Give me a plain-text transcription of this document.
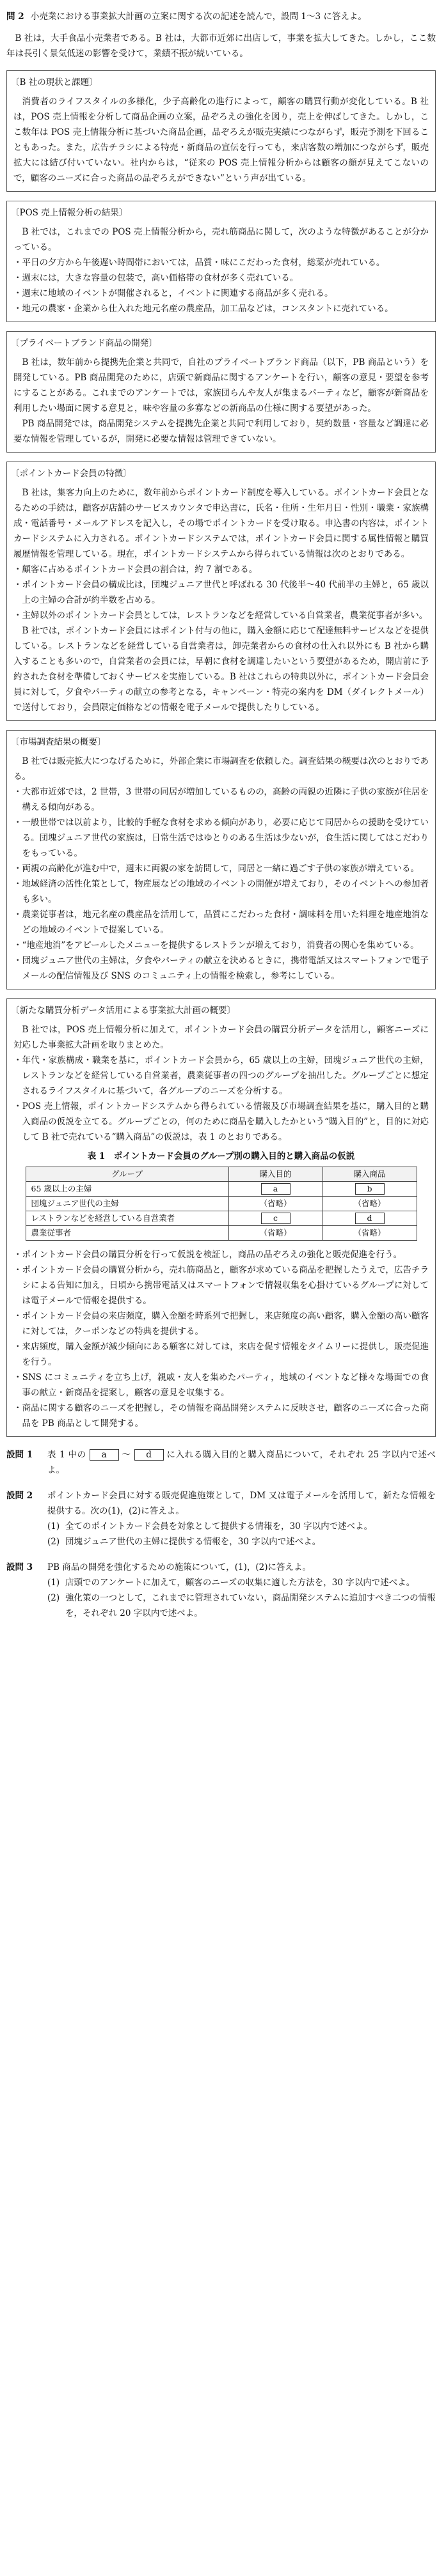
問 2 小売業における事業拡大計画の立案に関する次の記述を読んで，設問 1〜3 に答えよ。

B 社は，大手食品小売業者である。B 社は，大都市近郊に出店して，事業を拡大してきた。しかし，ここ数年は長引く景気低迷の影響を受けて，業績不振が続いている。

〔B 社の現状と課題〕

消費者のライフスタイルの多様化，少子高齢化の進行によって，顧客の購買行動が変化している。B 社は，POS 売上情報を分析して商品企画の立案，品ぞろえの強化を図り，売上を伸ばしてきた。しかし，ここ数年は POS 売上情報分析に基づいた商品企画，品ぞろえが販売実績につながらず，販売予測を下回ることもあった。また，広告チラシによる特売・新商品の宣伝を行っても，来店客数の増加につながらず，販売拡大には結び付いていない。社内からは，“従来の POS 売上情報分析からは顧客の顔が見えてこないので，顧客のニーズに合った商品の品ぞろえができない”という声が出ている。

〔POS 売上情報分析の結果〕

B 社では，これまでの POS 売上情報分析から，売れ筋商品に関して，次のような特徴があることが分かっている。

・平日の夕方から午後遅い時間帯においては，品質・味にこだわった食材，総菜が売れている。

・週末には，大きな容量の包装で，高い価格帯の食材が多く売れている。

・週末に地域のイベントが開催されると，イベントに関連する商品が多く売れる。

・地元の農家・企業から仕入れた地元名産の農産品，加工品などは，コンスタントに売れている。

〔プライベートブランド商品の開発〕

B 社は，数年前から提携先企業と共同で，自社のプライベートブランド商品（以下，PB 商品という）を開発している。PB 商品開発のために，店頭で新商品に関するアンケートを行い，顧客の意見・要望を参考にすることがある。これまでのアンケートでは，家族団らんや友人が集まるパーティなど，顧客が新商品を利用したい場面に関する意見と，味や容量の多寡などの新商品の仕様に関する要望があった。

PB 商品開発では，商品開発システムを提携先企業と共同で利用しており，契約数量・容量など調達に必要な情報を管理しているが，開発に必要な情報は管理できていない。

〔ポイントカード会員の特徴〕

B 社は，集客力向上のために，数年前からポイントカード制度を導入している。ポイントカード会員となるための手続は，顧客が店舗のサービスカウンタで申込書に，氏名・住所・生年月日・性別・職業・家族構成・電話番号・メールアドレスを記入し，その場でポイントカードを受け取る。申込書の内容は，ポイントカードシステムに入力される。ポイントカードシステムでは，ポイントカード会員に関する属性情報と購買履歴情報を管理している。現在，ポイントカードシステムから得られている情報は次のとおりである。

・顧客に占めるポイントカード会員の割合は，約 7 割である。

・ポイントカード会員の構成比は，団塊ジュニア世代と呼ばれる 30 代後半〜40 代前半の主婦と，65 歳以上の主婦の合計が約半数を占める。

・主婦以外のポイントカード会員としては，レストランなどを経営している自営業者，農業従事者が多い。

B 社では，ポイントカード会員にはポイント付与の他に，購入金額に応じて配達無料サービスなどを提供している。レストランなどを経営している自営業者は，卸売業者からの食材の仕入れ以外にも B 社から購入することも多いので，自営業者の会員には，早朝に食材を調達したいという要望があるため，開店前に予約された食材を準備しておくサービスを実施している。B 社はこれらの特典以外に，ポイントカード会員会員に対して，夕食やパーティの献立の参考となる，キャンペーン・特売の案内を DM（ダイレクトメール）で送付しており，会員限定価格などの情報を電子メールで提供したりしている。

〔市場調査結果の概要〕

B 社では販売拡大につなげるために，外部企業に市場調査を依頼した。調査結果の概要は次のとおりである。

・大都市近郊では，2 世帯，3 世帯の同居が増加しているものの，高齢の両親の近隣に子供の家族が住居を構える傾向がある。

・一般世帯では以前より，比較的手軽な食材を求める傾向があり，必要に応じて同居からの援助を受けている。団塊ジュニア世代の家族は，日常生活ではゆとりのある生活は少ないが，食生活に関してはこだわりをもっている。

・両親の高齢化が進む中で，週末に両親の家を訪問して，同居と一緒に過ごす子供の家族が増えている。

・地域経済の活性化策として，物産展などの地域のイベントの開催が増えており，そのイベントへの参加者も多い。

・農業従事者は，地元名産の農産品を活用して，品質にこだわった食材・調味料を用いた料理を地産地消などの地域のイベントで提案している。

・“地産地消”をアピールしたメニューを提供するレストランが増えており，消費者の関心を集めている。

・団塊ジュニア世代の主婦は，夕食やパーティの献立を決めるときに，携帯電話又はスマートフォンで電子メールの配信情報及び SNS のコミュニティ上の情報を検索し，参考にしている。

〔新たな購買分析データ活用による事業拡大計画の概要〕

B 社では，POS 売上情報分析に加えて，ポイントカード会員の購買分析データを活用し，顧客ニーズに対応した事業拡大計画を取りまとめた。

・年代・家族構成・職業を基に，ポイントカード会員から，65 歳以上の主婦，団塊ジュニア世代の主婦，レストランなどを経営している自営業者，農業従事者の四つのグループを抽出した。グループごとに想定されるライフスタイルに基づいて，各グループのニーズを分析する。

・POS 売上情報，ポイントカードシステムから得られている情報及び市場調査結果を基に，購入目的と購入商品の仮説を立てる。グループごとの，何のために商品を購入したかという“購入目的”と，目的に対応して B 社で売れている“購入商品”の仮説は，表 1 のとおりである。

表 1　ポイントカード会員のグループ別の購入目的と購入商品の仮説
グループ	購入目的	購入商品
65 歳以上の主婦	a	b
団塊ジュニア世代の主婦	（省略）	（省略）
レストランなどを経営している自営業者	c	d
農業従事者	（省略）	（省略）

・ポイントカード会員の購買分析を行って仮説を検証し，商品の品ぞろえの強化と販売促進を行う。

・ポイントカード会員の購買分析から，売れ筋商品と，顧客が求めている商品を把握したうえで，広告チラシによる告知に加え，日頃から携帯電話又はスマートフォンで情報収集を心掛けているグループに対しては電子メールで情報を提供する。

・ポイントカード会員の来店頻度，購入金額を時系列で把握し，来店頻度の高い顧客，購入金額の高い顧客に対しては，クーポンなどの特典を提供する。

・来店頻度，購入金額が減少傾向にある顧客に対しては，来店を促す情報をタイムリーに提供し，販売促進を行う。

・SNS にコミュニティを立ち上げ，親戚・友人を集めたパーティ，地域のイベントなど様々な場面での食事の献立・新商品を提案し，顧客の意見を収集する。

・商品に関する顧客のニーズを把握し，その情報を商品開発システムに反映させ，顧客のニーズに合った商品を PB 商品として開発する。

設問 1	表 1 中の a 〜 d に入れる購入目的と購入商品について，それぞれ 25 字以内で述べよ。
設問 2	ポイントカード会員に対する販売促進施策として，DM 又は電子メールを活用して，新たな情報を提供する。次の(1)，(2)に答えよ。
(1) 全てのポイントカード会員を対象として提供する情報を，30 字以内で述べよ。
(2) 団塊ジュニア世代の主婦に提供する情報を，30 字以内で述べよ。
設問 3	PB 商品の開発を強化するための施策について，(1)，(2)に答えよ。
(1) 店頭でのアンケートに加えて，顧客のニーズの収集に適した方法を，30 字以内で述べよ。
(2) 強化策の一つとして，これまでに管理されていない，商品開発システムに追加すべき二つの情報を，それぞれ 20 字以内で述べよ。
